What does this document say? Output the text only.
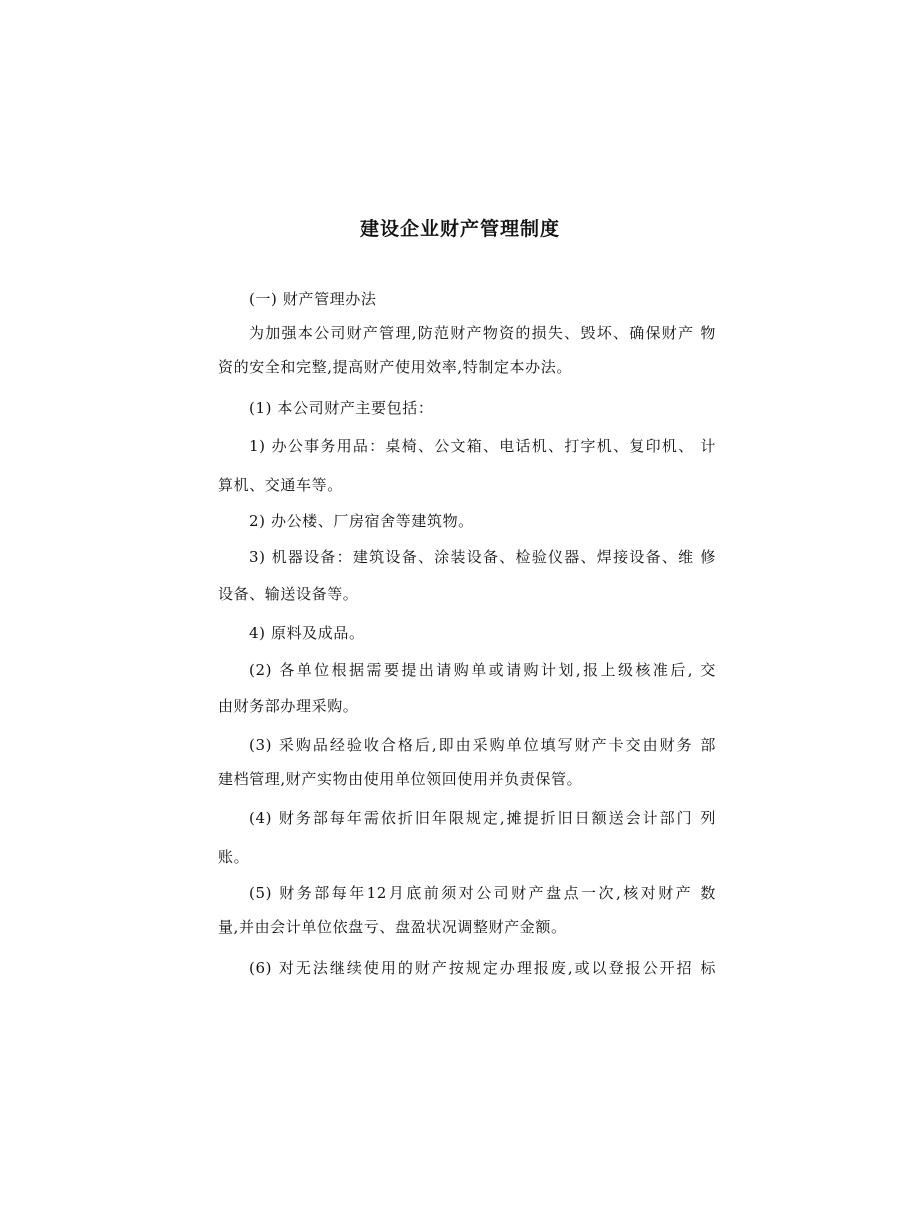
建设企业财产管理制度
(一) 财产管理办法
为加强本公司财产管理,防范财产物资的损失、毁坏、确保财产 物
资的安全和完整,提高财产使用效率,特制定本办法。
(1) 本公司财产主要包括：
1) 办公事务用品：桌椅、公文箱、电话机、打字机、复印机、 计
算机、交通车等。
2) 办公楼、厂房宿舍等建筑物。
3) 机器设备：建筑设备、涂装设备、检验仪器、焊接设备、维 修
设备、输送设备等。
4) 原料及成品。
(2) 各单位根据需要提出请购单或请购计划,报上级核准后, 交
由财务部办理采购。
(3) 采购品经验收合格后,即由采购单位填写财产卡交由财务 部
建档管理,财产实物由使用单位领回使用并负责保管。
(4) 财务部每年需依折旧年限规定,摊提折旧日额送会计部门 列
账。
(5) 财务部每年12月底前须对公司财产盘点一次,核对财产 数
量,并由会计单位依盘亏、盘盈状况调整财产金额。
(6) 对无法继续使用的财产按规定办理报废,或以登报公开招 标
